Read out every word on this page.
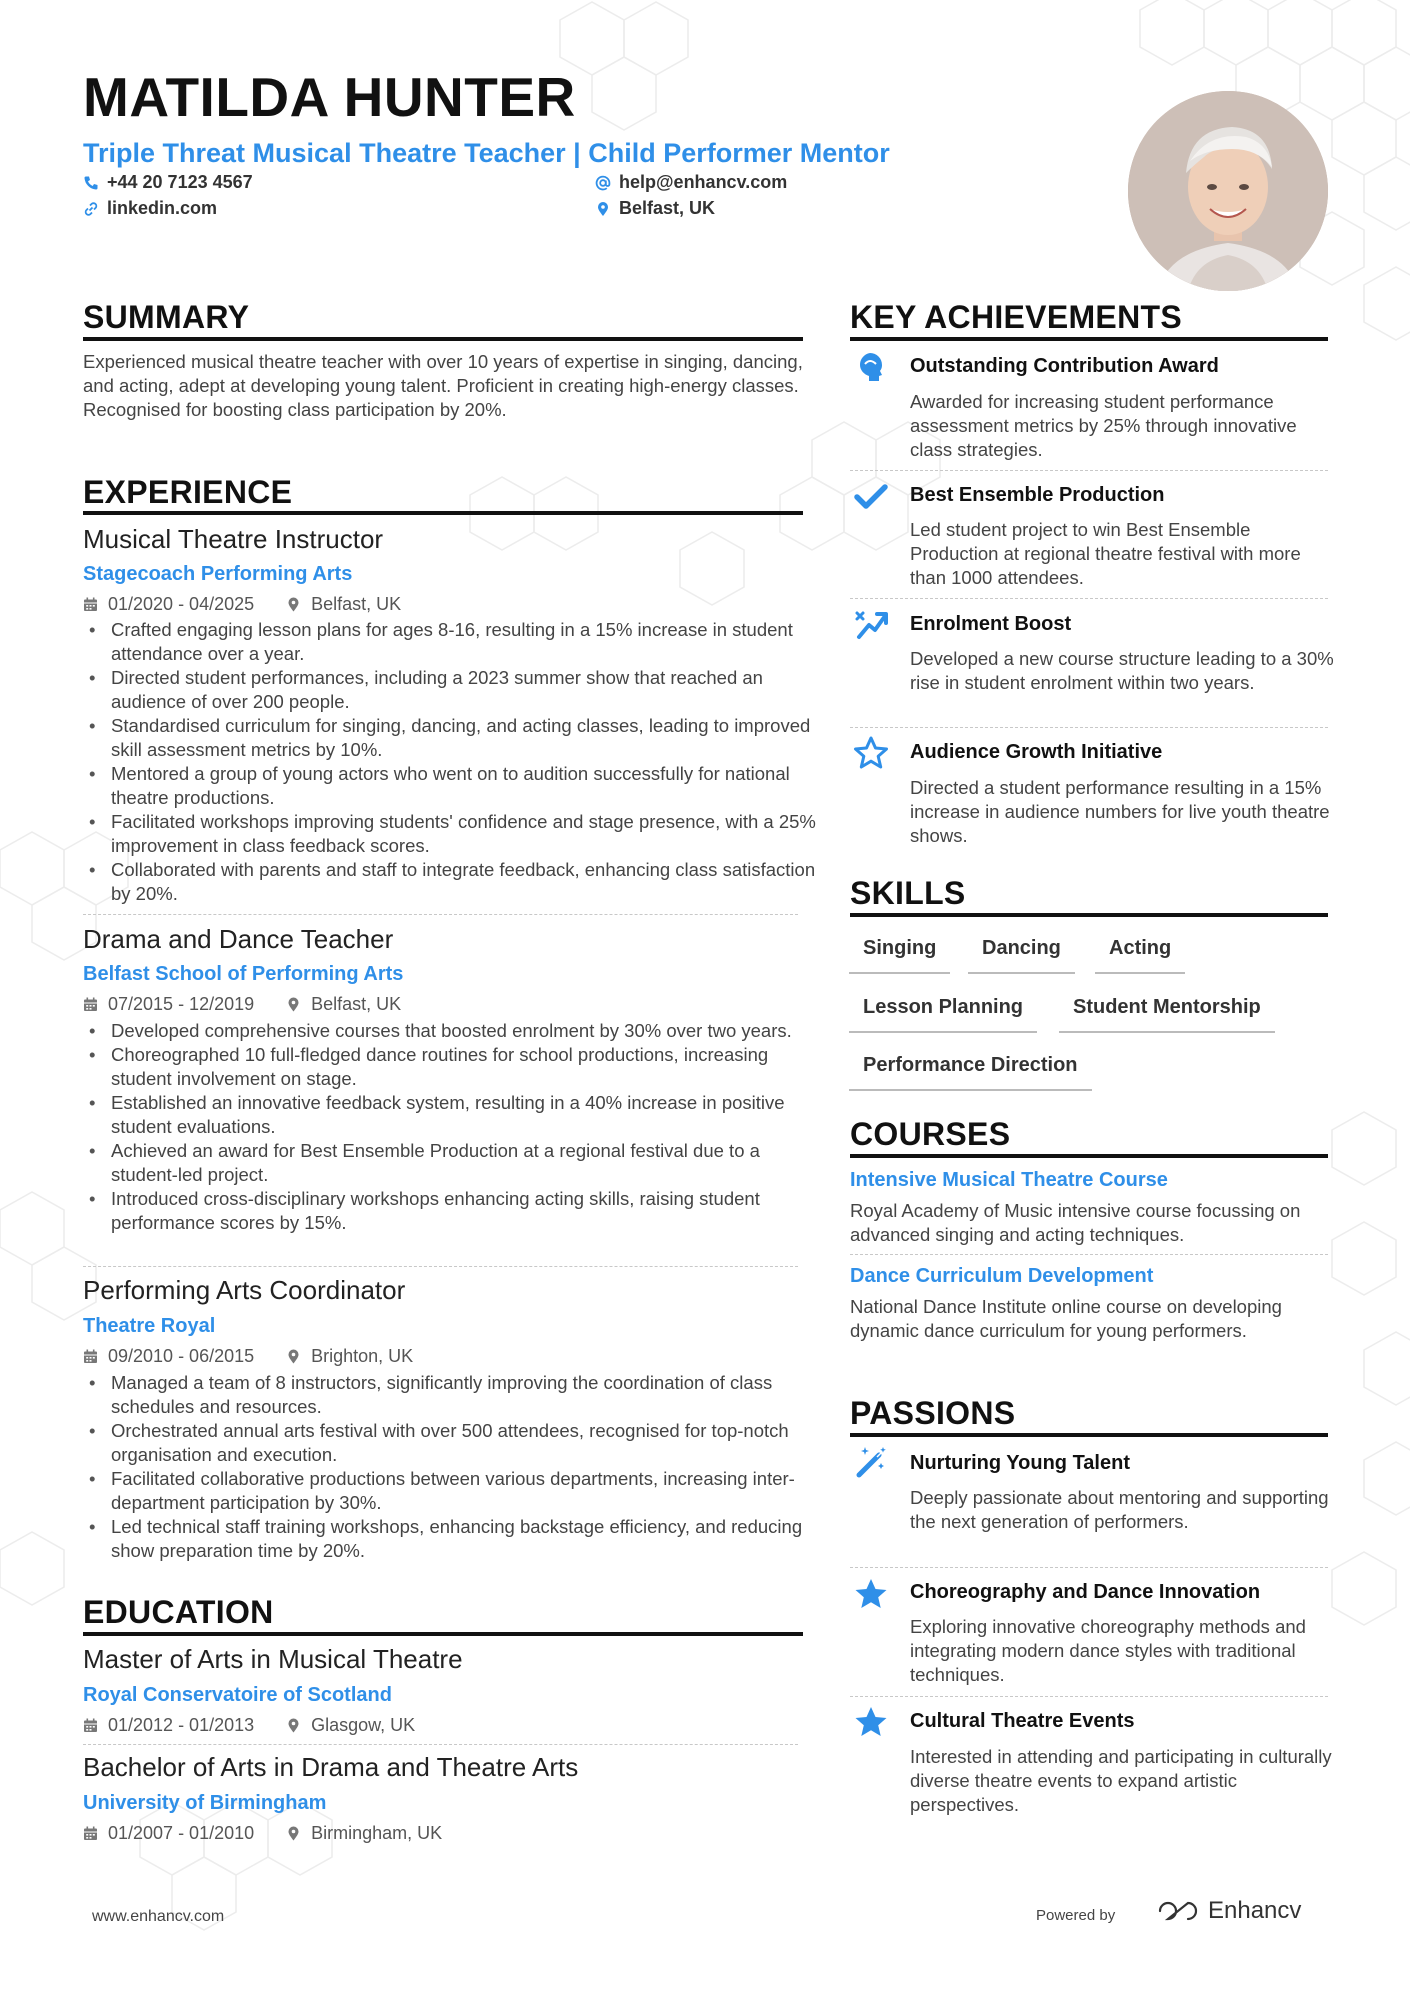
MATILDA HUNTER
Triple Threat Musical Theatre Teacher | Child Performer Mentor
+44 20 7123 4567	help@enhancv.com
linkedin.com	Belfast, UK
SUMMARY
Experienced musical theatre teacher with over 10 years of expertise in singing, dancing, and acting, adept at developing young talent. Proficient in creating high-energy classes. Recognised for boosting class participation by 20%.
EXPERIENCE
Musical Theatre Instructor
Stagecoach Performing Arts
01/2020 - 04/2025	Belfast, UK
• Crafted engaging lesson plans for ages 8-16, resulting in a 15% increase in student attendance over a year.
• Directed student performances, including a 2023 summer show that reached an audience of over 200 people.
• Standardised curriculum for singing, dancing, and acting classes, leading to improved skill assessment metrics by 10%.
• Mentored a group of young actors who went on to audition successfully for national theatre productions.
• Facilitated workshops improving students' confidence and stage presence, with a 25% improvement in class feedback scores.
• Collaborated with parents and staff to integrate feedback, enhancing class satisfaction by 20%.
Drama and Dance Teacher
Belfast School of Performing Arts
07/2015 - 12/2019	Belfast, UK
• Developed comprehensive courses that boosted enrolment by 30% over two years.
• Choreographed 10 full-fledged dance routines for school productions, increasing student involvement on stage.
• Established an innovative feedback system, resulting in a 40% increase in positive student evaluations.
• Achieved an award for Best Ensemble Production at a regional festival due to a student-led project.
• Introduced cross-disciplinary workshops enhancing acting skills, raising student performance scores by 15%.
Performing Arts Coordinator
Theatre Royal
09/2010 - 06/2015	Brighton, UK
• Managed a team of 8 instructors, significantly improving the coordination of class schedules and resources.
• Orchestrated annual arts festival with over 500 attendees, recognised for top-notch organisation and execution.
• Facilitated collaborative productions between various departments, increasing inter-department participation by 30%.
• Led technical staff training workshops, enhancing backstage efficiency, and reducing show preparation time by 20%.
EDUCATION
Master of Arts in Musical Theatre
Royal Conservatoire of Scotland
01/2012 - 01/2013	Glasgow, UK
Bachelor of Arts in Drama and Theatre Arts
University of Birmingham
01/2007 - 01/2010	Birmingham, UK
KEY ACHIEVEMENTS
Outstanding Contribution Award
Awarded for increasing student performance assessment metrics by 25% through innovative class strategies.
Best Ensemble Production
Led student project to win Best Ensemble Production at regional theatre festival with more than 1000 attendees.
Enrolment Boost
Developed a new course structure leading to a 30% rise in student enrolment within two years.
Audience Growth Initiative
Directed a student performance resulting in a 15% increase in audience numbers for live youth theatre shows.
SKILLS
Singing	Dancing	Acting
Lesson Planning	Student Mentorship
Performance Direction
COURSES
Intensive Musical Theatre Course
Royal Academy of Music intensive course focussing on advanced singing and acting techniques.
Dance Curriculum Development
National Dance Institute online course on developing dynamic dance curriculum for young performers.
PASSIONS
Nurturing Young Talent
Deeply passionate about mentoring and supporting the next generation of performers.
Choreography and Dance Innovation
Exploring innovative choreography methods and integrating modern dance styles with traditional techniques.
Cultural Theatre Events
Interested in attending and participating in culturally diverse theatre events to expand artistic perspectives.
www.enhancv.com	Powered by	Enhancv
